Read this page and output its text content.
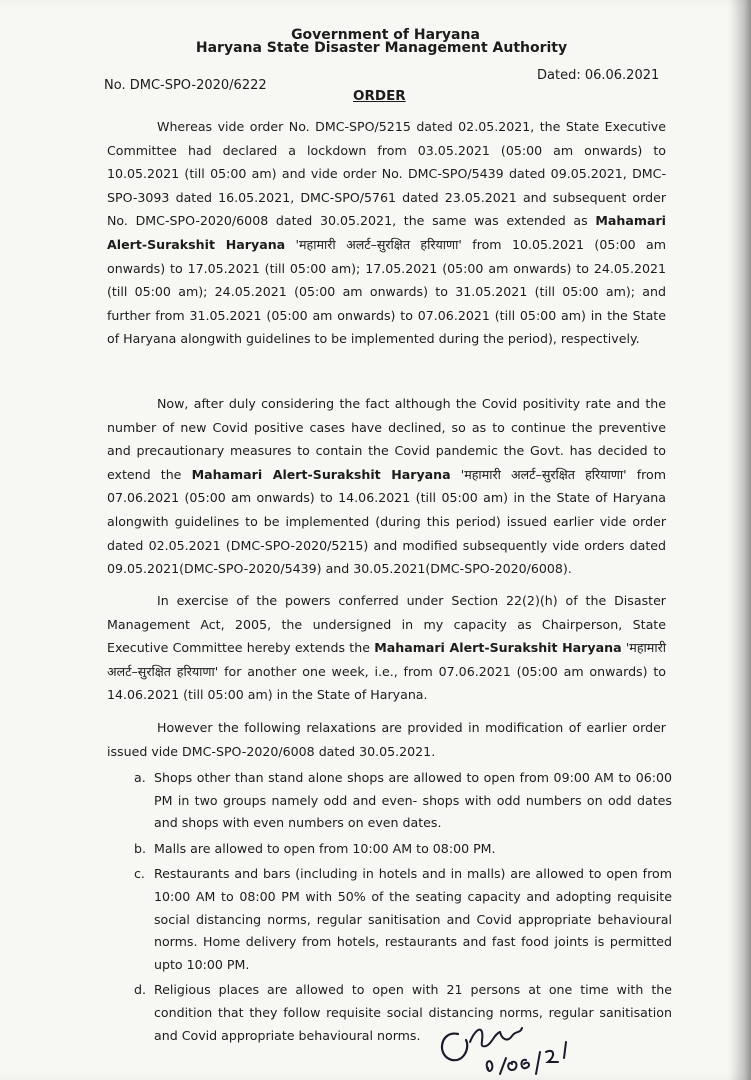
Government of Haryana
Haryana State Disaster Management Authority
Dated: 06.06.2021
No. DMC-SPO-2020/6222
ORDER
Whereas vide order No. DMC-SPO/5215 dated 02.05.2021, the State Executive Committee had declared a lockdown from 03.05.2021 (05:00 am onwards) to 10.05.2021 (till 05:00 am) and vide order No. DMC-SPO/5439 dated 09.05.2021, DMC-SPO-3093 dated 16.05.2021, DMC-SPO/5761 dated 23.05.2021 and subsequent order No. DMC-SPO-2020/6008 dated 30.05.2021, the same was extended as Mahamari Alert-Surakshit Haryana 'महामारी अलर्ट–सुरक्षित हरियाणा' from 10.05.2021 (05:00 am onwards) to 17.05.2021 (till 05:00 am); 17.05.2021 (05:00 am onwards) to 24.05.2021 (till 05:00 am); 24.05.2021 (05:00 am onwards) to 31.05.2021 (till 05:00 am); and further from 31.05.2021 (05:00 am onwards) to 07.06.2021 (till 05:00 am) in the State of Haryana alongwith guidelines to be implemented during the period), respectively.
Now, after duly considering the fact although the Covid positivity rate and the number of new Covid positive cases have declined, so as to continue the preventive and precautionary measures to contain the Covid pandemic the Govt. has decided to extend the Mahamari Alert-Surakshit Haryana 'महामारी अलर्ट–सुरक्षित हरियाणा' from 07.06.2021 (05:00 am onwards) to 14.06.2021 (till 05:00 am) in the State of Haryana alongwith guidelines to be implemented (during this period) issued earlier vide order dated 02.05.2021 (DMC-SPO-2020/5215) and modified subsequently vide orders dated 09.05.2021(DMC-SPO-2020/5439) and 30.05.2021(DMC-SPO-2020/6008).
In exercise of the powers conferred under Section 22(2)(h) of the Disaster Management Act, 2005, the undersigned in my capacity as Chairperson, State Executive Committee hereby extends the Mahamari Alert-Surakshit Haryana 'महामारी अलर्ट–सुरक्षित हरियाणा' for another one week, i.e., from 07.06.2021 (05:00 am onwards) to 14.06.2021 (till 05:00 am) in the State of Haryana.
However the following relaxations are provided in modification of earlier order issued vide DMC-SPO-2020/6008 dated 30.05.2021.
a. Shops other than stand alone shops are allowed to open from 09:00 AM to 06:00 PM in two groups namely odd and even- shops with odd numbers on odd dates and shops with even numbers on even dates.
b. Malls are allowed to open from 10:00 AM to 08:00 PM.
c. Restaurants and bars (including in hotels and in malls) are allowed to open from 10:00 AM to 08:00 PM with 50% of the seating capacity and adopting requisite social distancing norms, regular sanitisation and Covid appropriate behavioural norms. Home delivery from hotels, restaurants and fast food joints is permitted upto 10:00 PM.
d. Religious places are allowed to open with 21 persons at one time with the condition that they follow requisite social distancing norms, regular sanitisation and Covid appropriate behavioural norms.
